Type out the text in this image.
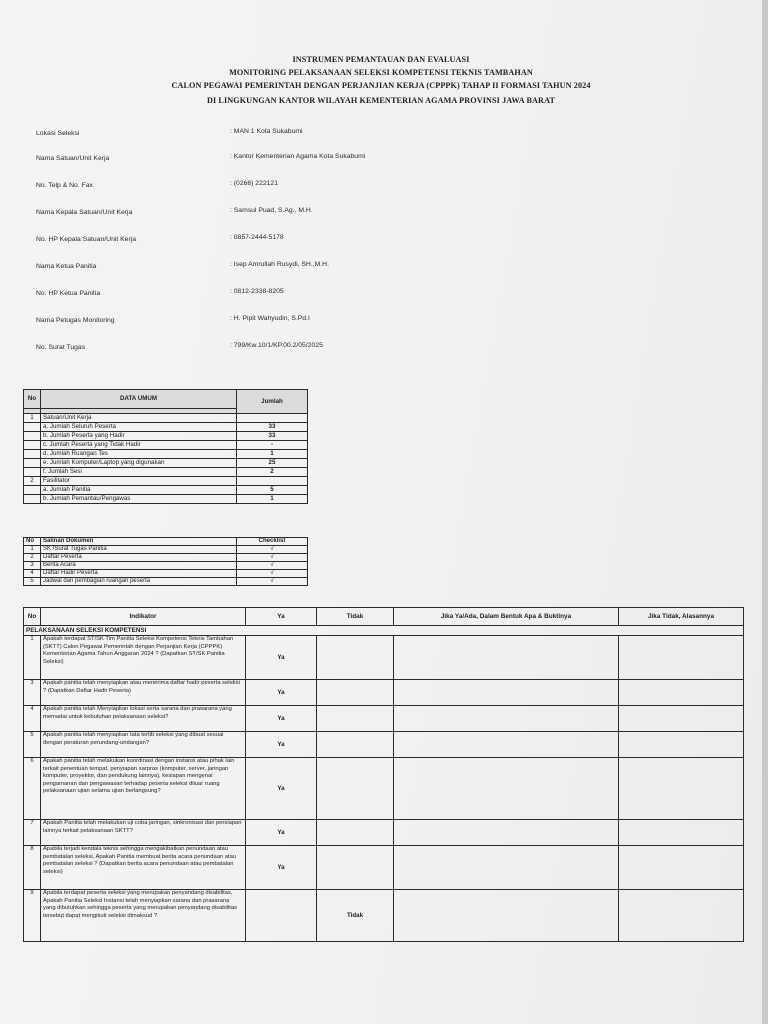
INSTRUMEN PEMANTAUAN DAN EVALUASI
MONITORING PELAKSANAAN SELEKSI KOMPETENSI TEKNIS TAMBAHAN
CALON PEGAWAI PEMERINTAH DENGAN PERJANJIAN KERJA (CPPPK) TAHAP II FORMASI TAHUN 2024
DI LINGKUNGAN KANTOR WILAYAH KEMENTERIAN AGAMA PROVINSI JAWA BARAT
Lokasi Seleksi	: MAN 1 Kota Sukabumi
Nama Satuan/Unit Kerja	: Kantor Kementerian Agama Kota Sukabumi
No. Telp & No. Fax	: (0266) 222121
Nama Kepala Satuan/Unit Kerja	: Samsul Puad, S.Ag., M.H.
No. HP Kepala Satuan/Unit Kerja	: 0857-2444-5178
Nama Ketua Panitia	: Isep Amrullah Rusydi, SH.,M.H.
No. HP Ketua Panitia	: 0812-2338-8205
Nama Petugas Monitoring	: H. Pipit Wahyudin, S.Pd.I
No. Surat Tugas	: 799/Kw.10/1/KP.00.2/05/2025
No	DATA UMUM	Jumlah

1	Satuan/Unit Kerja	
	a. Jumlah Seluruh Peserta	33
	b. Jumlah Peserta yang Hadir	33
	c. Jumlah Peserta yang Tidak Hadir	-
	d. Jumlah Ruangan Tes	1
	e. Jumlah Komputer/Laptop yang digunakan	25
	f. Jumlah Sesi	2
2	Fasilitator	
	a. Jumlah Panitia	5
	b. Jumlah Pemantau/Pengawas	1
No	Salinan Dokumen	Checklist
1	SK /Surat Tugas Panitia	√
2	Daftar Peserta	√
3	Berita Acara	√
4	Daftar Hadir Peserta	√
5	Jadwal dan pembagian ruangan peserta	√
No	Indikator	Ya	Tidak	Jika Ya/Ada, Dalam Bentuk Apa & Buktinya	Jika Tidak, Alasannya
PELAKSANAAN SELEKSI KOMPETENSI					
1	Apakah terdapat ST/SK Tim Panitia Seleksi Kompetensi Teknis Tambahan (SKTT) Calon Pegawai Pemerintah dengan Perjanjian Kerja (CPPPK) Kementerian Agama Tahun Anggaran 2024 ? (Dapatkan ST/SK Panitia Seleksi)	Ya			
3	Apakah panitia telah menyiapkan atau menerima daftar hadir peserta seleksi ? (Dapatkan Daftar Hadir Peserta)	Ya			
4	Apakah panitia telah Menyiapkan lokasi serta sarana dan prasarana yang memadai untuk kebutuhan pelaksanaan seleksi?	Ya			
5	Apakah panitia telah menyiapkan tata tertib seleksi yang dibuat sesuai dengan peraturan perundang-undangan?	Ya			
6	Apakah panitia telah melakukan koordinasi dengan instansi atau pihak lain terkait penentuan tempat, penyiapan sarpras (komputer, server, jaringan komputer, proyektor, dan pendukung lainnya), kesiapan mengenai pengamanan dan pengawasan terhadap peserta seleksi diluar ruang pelaksanaan ujian selama ujian berlangsung?	Ya			
7	Apakah Panitia telah melakukan uji coba jaringan, sinkronisasi dan persiapan lainnya terkait pelaksanaan SKTT?	Ya			
8	Apabila terjadi kendala teknis sehingga mengakibatkan penundaan atau pembatalan seleksi, Apakah Panitia membuat berita acara penundaan atau pembatalan seleksi ? (Dapatkan berita acara penundaan atau pembatalan seleksi)	Ya			
9	Apabila terdapat peserta seleksi yang merupakan penyandang disabilitas, Apakah Panitia Seleksi Instansi telah menyiapkan sarana dan prasarana yang dibutuhkan sehingga peserta yang merupakan penyandang disabilitas tersebut dapat mengikuti seleksi dimaksud ?		Tidak		
